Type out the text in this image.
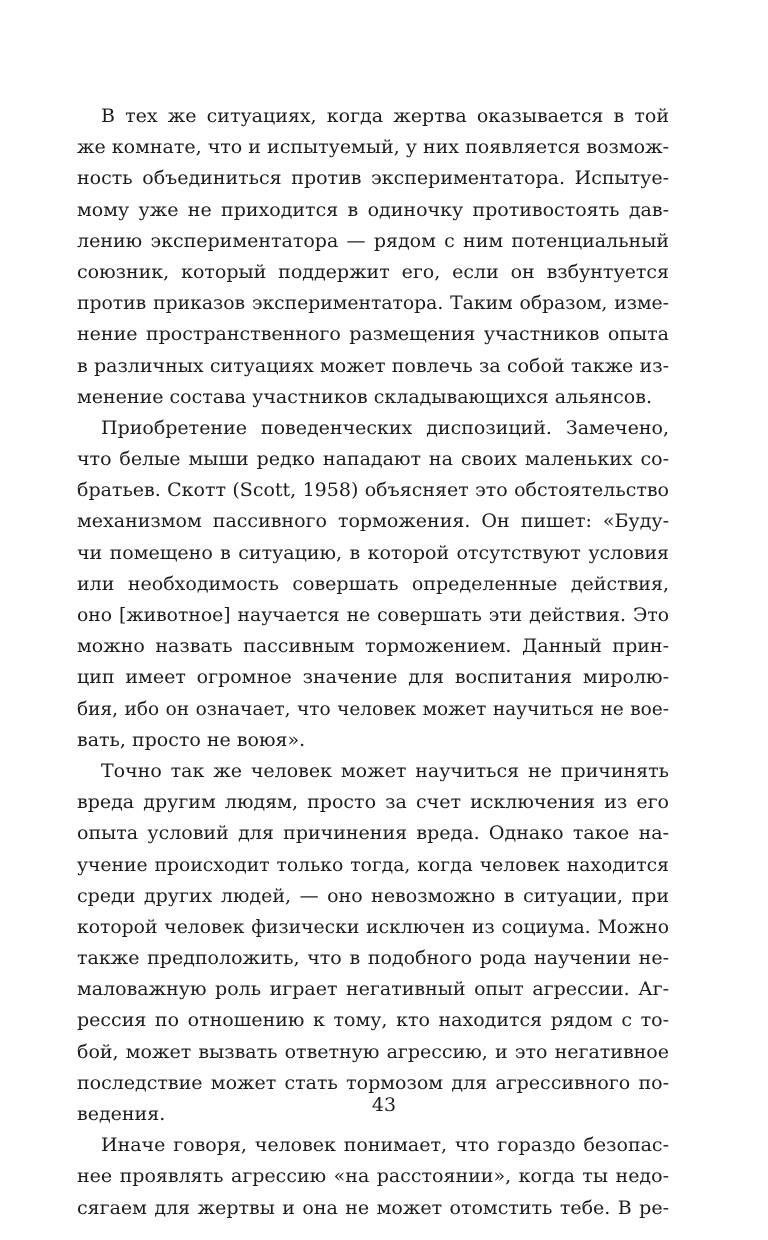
В тех же ситуациях, когда жертва оказывается в той
же комнате, что и испытуемый, у них появляется возмож-
ность объединиться против экспериментатора. Испытуе-
мому уже не приходится в одиночку противостоять дав-
лению экспериментатора — рядом с ним потенциальный
союзник, который поддержит его, если он взбунтуется
против приказов экспериментатора. Таким образом, изме-
нение пространственного размещения участников опыта
в различных ситуациях может повлечь за собой также из-
менение состава участников складывающихся альянсов.
Приобретение поведенческих диспозиций. Замечено,
что белые мыши редко нападают на своих маленьких со-
братьев. Скотт (Scott, 1958) объясняет это обстоятельство
механизмом пассивного торможения. Он пишет: «Буду-
чи помещено в ситуацию, в которой отсутствуют условия
или необходимость совершать определенные действия,
оно [животное] научается не совершать эти действия. Это
можно назвать пассивным торможением. Данный прин-
цип имеет огромное значение для воспитания миролю-
бия, ибо он означает, что человек может научиться не вое-
вать, просто не воюя».
Точно так же человек может научиться не причинять
вреда другим людям, просто за счет исключения из его
опыта условий для причинения вреда. Однако такое на-
учение происходит только тогда, когда человек находится
среди других людей, — оно невозможно в ситуации, при
которой человек физически исключен из социума. Можно
также предположить, что в подобного рода научении не-
маловажную роль играет негативный опыт агрессии. Аг-
рессия по отношению к тому, кто находится рядом с то-
бой, может вызвать ответную агрессию, и это негативное
последствие может стать тормозом для агрессивного по-
ведения.
Иначе говоря, человек понимает, что гораздо безопас-
нее проявлять агрессию «на расстоянии», когда ты недо-
сягаем для жертвы и она не может отомстить тебе. В ре-
43
